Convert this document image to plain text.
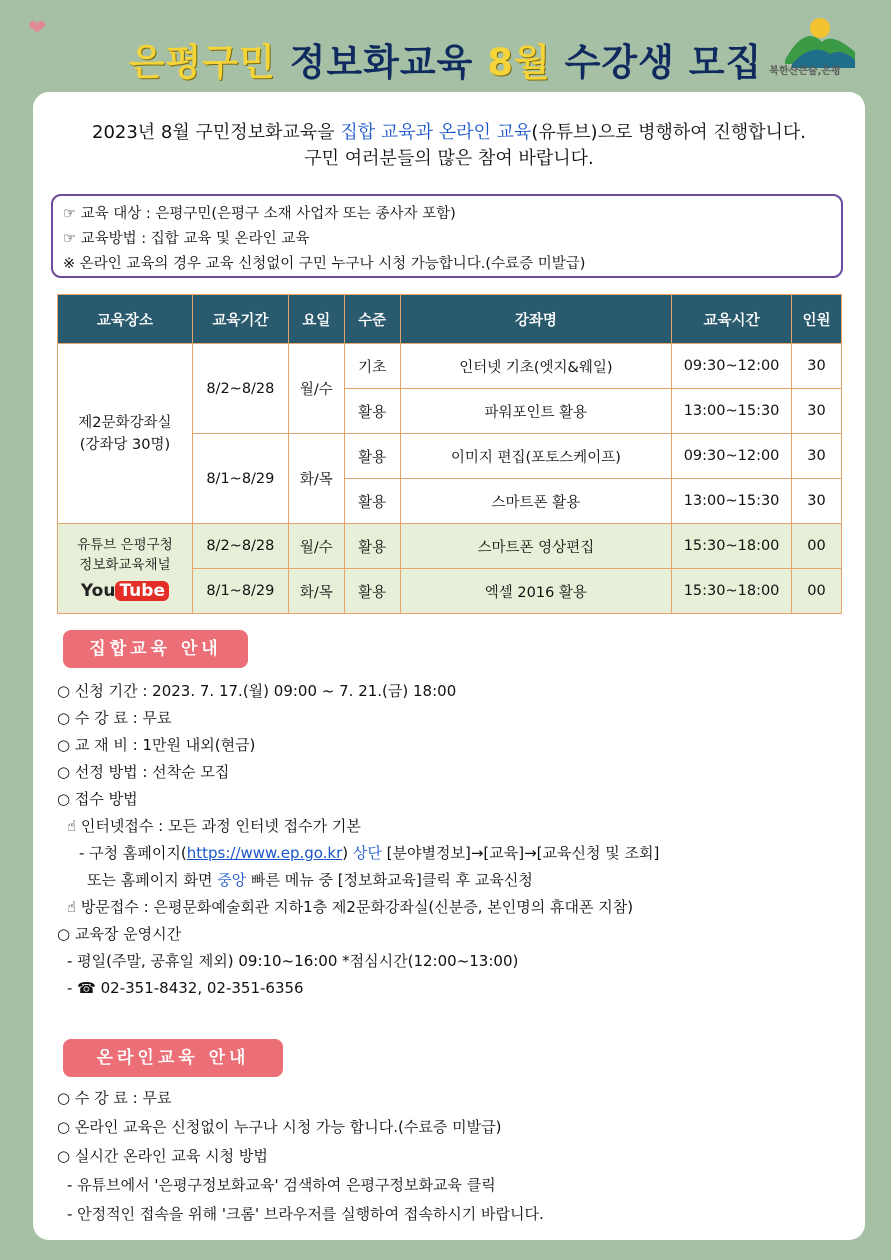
❤
은평구민 정보화교육 8월 수강생 모집 북한산큰술,은평
2023년 8월 구민정보화교육을 집합 교육과 온라인 교육(유튜브)으로 병행하여 진행합니다.
구민 여러분들의 많은 참여 바랍니다.
☞ 교육 대상 : 은평구민(은평구 소재 사업자 또는 종사자 포함)
☞ 교육방법 : 집합 교육 및 온라인 교육
※ 온라인 교육의 경우 교육 신청없이 구민 누구나 시청 가능합니다.(수료증 미발급)
교육장소	교육기간	요일	수준	강좌명	교육시간	인원
제2문화강좌실
(강좌당 30명)	8/2~8/28	월/수	기초	인터넷 기초(엣지&웨일)	09:30~12:00	30
			활용	파워포인트 활용	13:00~15:30	30
	8/1~8/29	화/목	활용	이미지 편집(포토스케이프)	09:30~12:00	30
			활용	스마트폰 활용	13:00~15:30	30

유튜브 은평구청
정보화교육채널
You Tube	8/2~8/28	월/수	활용	스마트폰 영상편집	15:30~18:00	00
	8/1~8/29	화/목	활용	엑셀 2016 활용	15:30~18:00	00
집합교육 안내
○ 신청 기간 : 2023. 7. 17.(월) 09:00 ~ 7. 21.(금) 18:00
○ 수 강 료 : 무료
○ 교 재 비 : 1만원 내외(현금)
○ 선정 방법 : 선착순 모집
○ 접수 방법
☝ 인터넷접수 : 모든 과정 인터넷 접수가 기본
- 구청 홈페이지(https://www.ep.go.kr) 상단 [분야별정보]→[교육]→[교육신청 및 조회]
또는 홈페이지 화면 중앙 빠른 메뉴 중 [정보화교육]클릭 후 교육신청
☝ 방문접수 : 은평문화예술회관 지하1층 제2문화강좌실(신분증, 본인명의 휴대폰 지참)
○ 교육장 운영시간
- 평일(주말, 공휴일 제외) 09:10~16:00 *점심시간(12:00~13:00)
- ☎ 02-351-8432, 02-351-6356
온라인교육 안내
○ 수 강 료 : 무료
○ 온라인 교육은 신청없이 누구나 시청 가능 합니다.(수료증 미발급)
○ 실시간 온라인 교육 시청 방법
- 유튜브에서 '은평구정보화교육' 검색하여 은평구정보화교육 클릭
- 안정적인 접속을 위해 '크롬' 브라우저를 실행하여 접속하시기 바랍니다.
